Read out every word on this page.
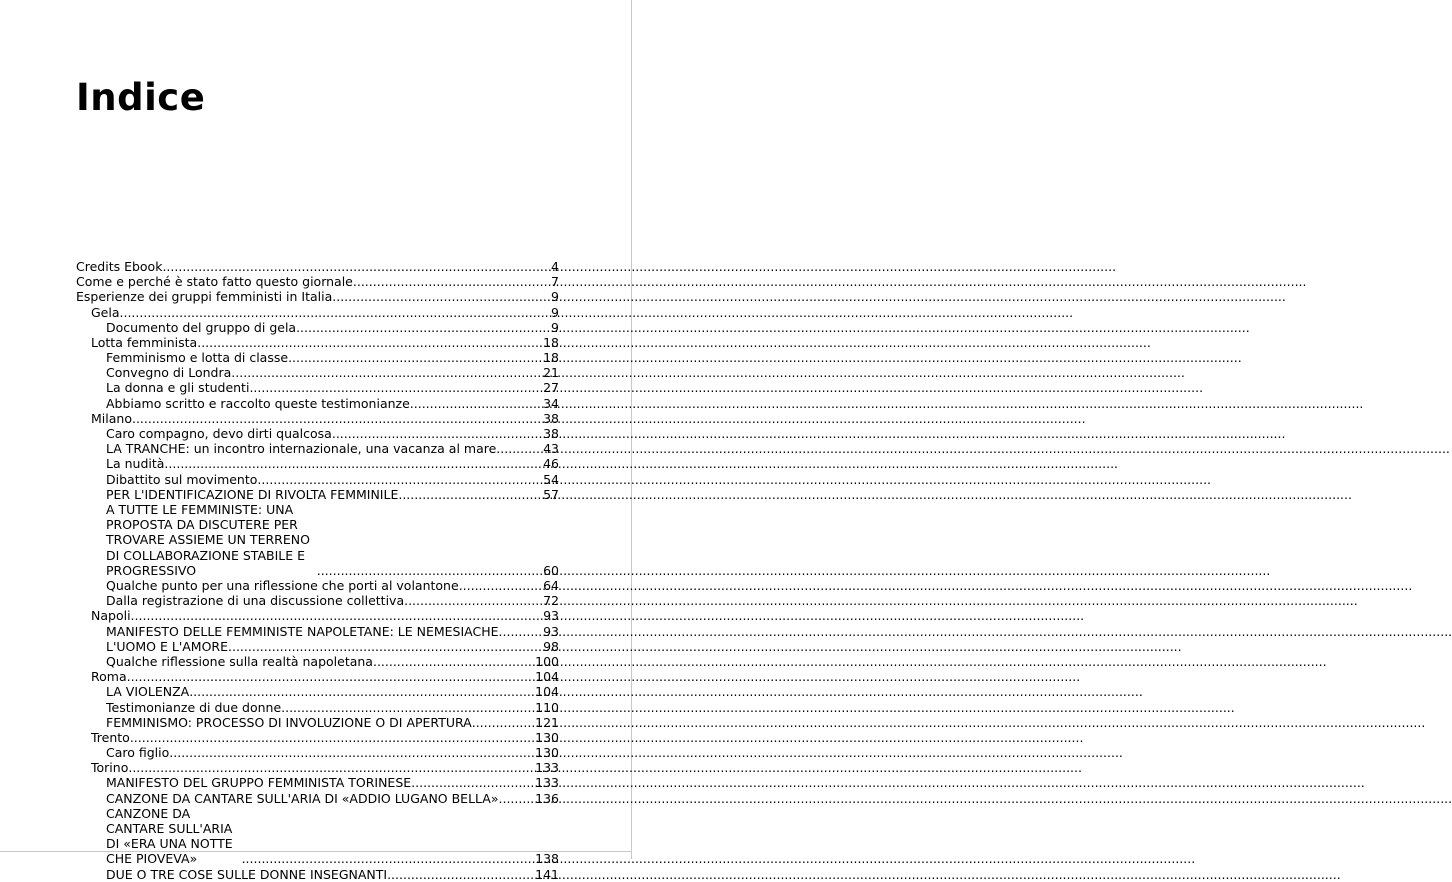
Indice
Credits Ebook .....	4
Come e perché è stato fatto questo giornale .....	7
Esperienze dei gruppi femministi in Italia .....	9
Gela .....	9
Documento del gruppo di gela .....	9
Lotta femminista .....	18
Femminismo e lotta di classe .....	18
Convegno di Londra .....	21
La donna e gli studenti .....	27
Abbiamo scritto e raccolto queste testimonianze .....	34
Milano .....	38
Caro compagno, devo dirti qualcosa .....	38
LA TRANCHE: un incontro internazionale, una vacanza al mare .....	43
La nudità .....	46
Dibattito sul movimento .....	54
PER L'IDENTIFICAZIONE DI RIVOLTA FEMMINILE .....	57
A TUTTE LE FEMMINISTE: UNA PROPOSTA DA DISCUTERE PER TROVARE ASSIEME UN TERRENO DI COLLABORAZIONE STABILE E PROGRESSIVO .....	60
Qualche punto per una riflessione che porti al volantone .....	64
Dalla registrazione di una discussione collettiva .....	72
Napoli .....	93
MANIFESTO DELLE FEMMINISTE NAPOLETANE: LE NEMESIACHE .....	93
L'UOMO E L'AMORE .....	98
Qualche riflessione sulla realtà napoletana .....	100
Roma .....	104
LA VIOLENZA .....	104
Testimonianze di due donne .....	110
FEMMINISMO: PROCESSO DI INVOLUZIONE O DI APERTURA .....	121
Trento .....	130
Caro figlio .....	130
Torino .....	133
MANIFESTO DEL GRUPPO FEMMINISTA TORINESE .....	133
CANZONE DA CANTARE SULL'ARIA DI «ADDIO LUGANO BELLA» .....	136
CANZONE DA CANTARE SULL'ARIA DI «ERA UNA NOTTE CHE PIOVEVA» .....	138
DUE O TRE COSE SULLE DONNE INSEGNANTI .....	141
